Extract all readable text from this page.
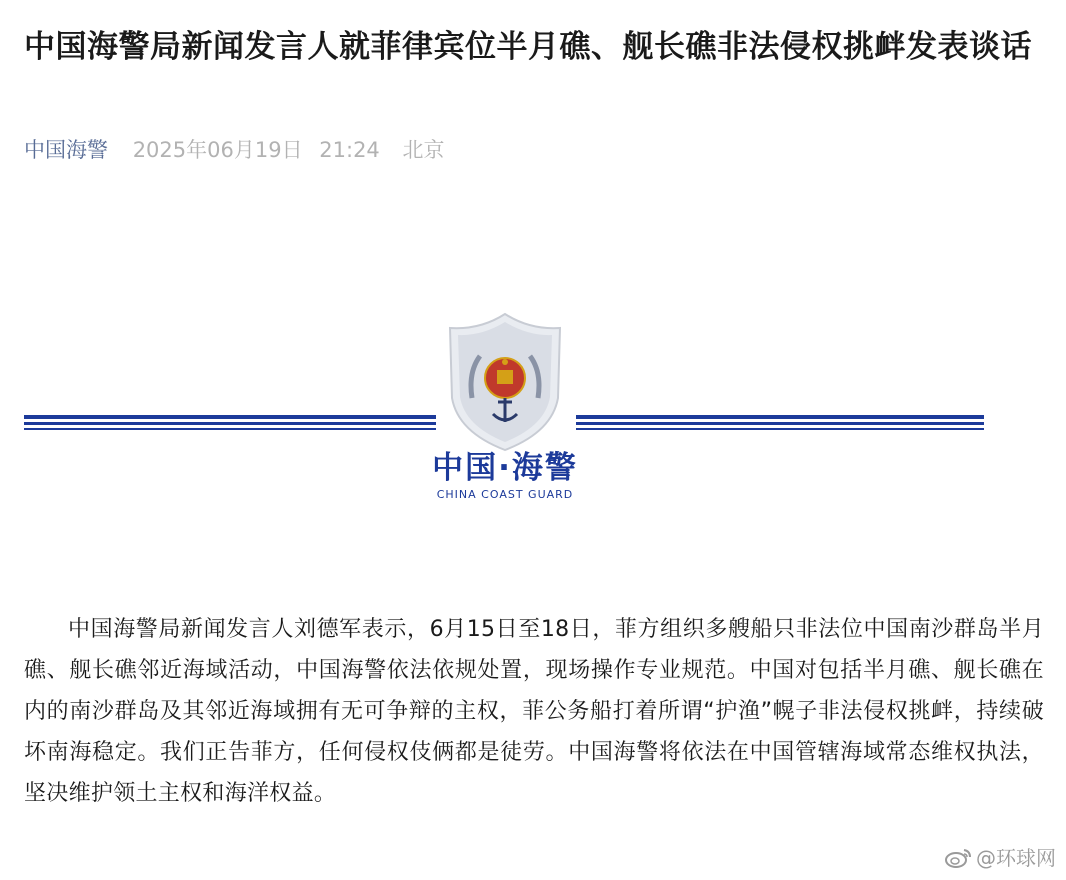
中国海警局新闻发言人就菲律宾位半月礁、舰长礁非法侵权挑衅发表谈话
中国海警 2025年06月19日 21:24 北京
中国·海警
CHINA COAST GUARD

中国海警局新闻发言人刘德军表示，6月15日至18日，菲方组织多艘船只非法位中国南沙群岛半月礁、舰长礁邻近海域活动，中国海警依法依规处置，现场操作专业规范。中国对包括半月礁、舰长礁在内的南沙群岛及其邻近海域拥有无可争辩的主权，菲公务船打着所谓“护渔”幌子非法侵权挑衅，持续破坏南海稳定。我们正告菲方，任何侵权伎俩都是徒劳。中国海警将依法在中国管辖海域常态维权执法，坚决维护领土主权和海洋权益。

@环球网
